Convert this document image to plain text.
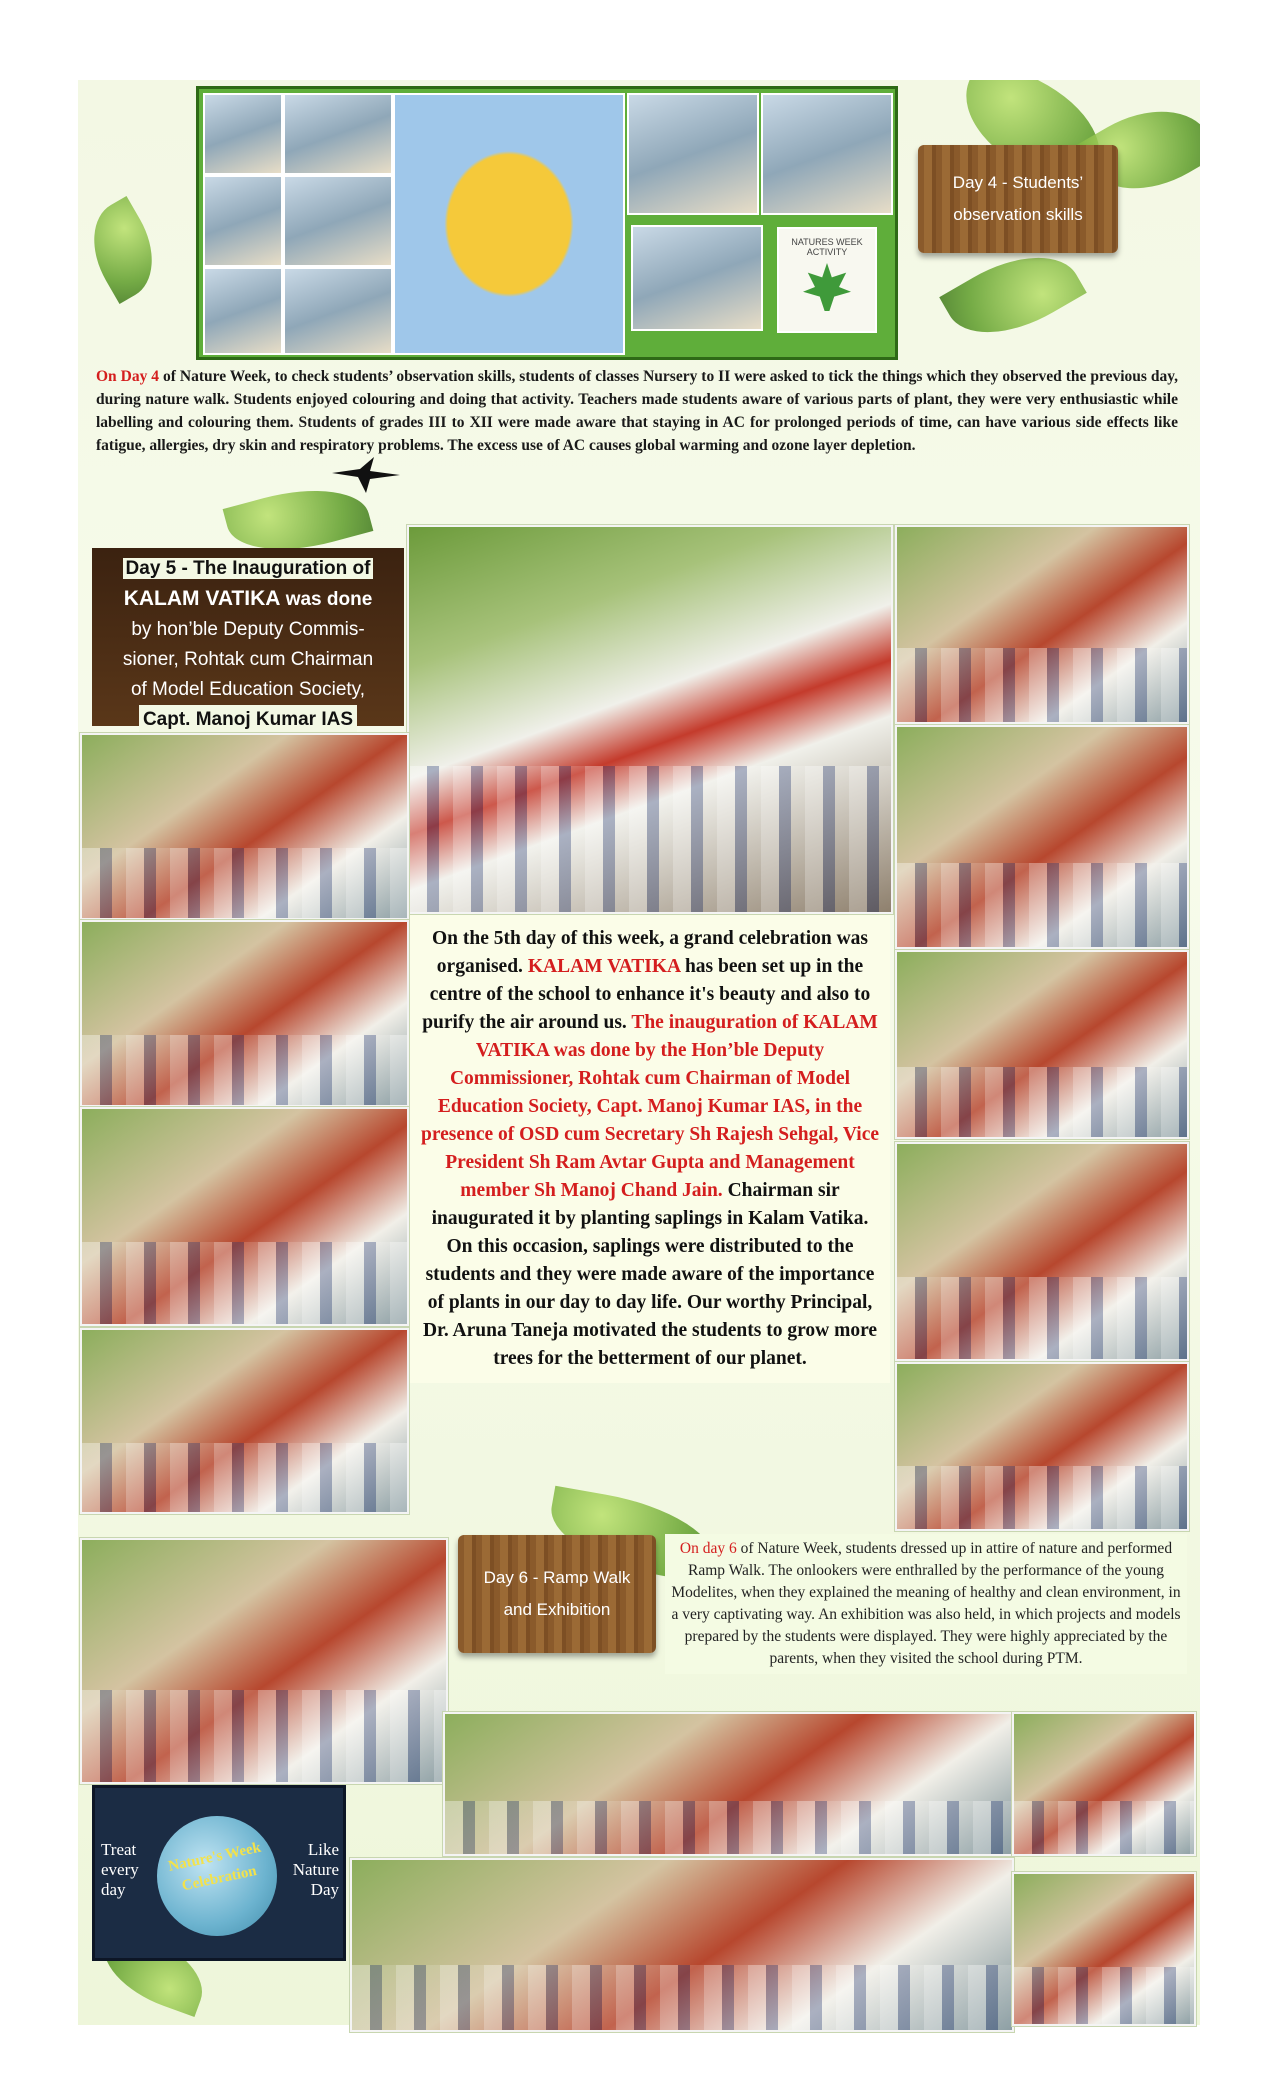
NATURES WEEK ACTIVITY
Day 4 - Students’
observation skills
On Day 4 of Nature Week, to check students’ observation skills, students of classes Nursery to II were asked to tick the things which they observed the previous day, during nature walk. Students enjoyed colouring and doing that activity. Teachers made students aware of various parts of plant, they were very enthusiastic while labelling and colouring them. Students of grades III to XII were made aware that staying in AC for prolonged periods of time, can have various side effects like fatigue, allergies, dry skin and respiratory problems. The excess use of AC causes global warming and ozone layer depletion.
Day 5 - The Inauguration of
KALAM VATIKA was done
by hon’ble Deputy Commis-
sioner, Rohtak cum Chairman
of Model Education Society,
Capt. Manoj Kumar IAS
On the 5th day of this week, a grand celebration was organised. KALAM VATIKA has been set up in the centre of the school to enhance it's beauty and also to purify the air around us. The inauguration of KALAM VATIKA was done by the Hon’ble Deputy Commissioner, Rohtak cum Chairman of Model Education Society, Capt. Manoj Kumar IAS, in the presence of OSD cum Secretary Sh Rajesh Sehgal, Vice President Sh Ram Avtar Gupta and Management member Sh Manoj Chand Jain. Chairman sir inaugurated it by planting saplings in Kalam Vatika. On this occasion, saplings were distributed to the students and they were made aware of the importance of plants in our day to day life. Our worthy Principal, Dr. Aruna Taneja motivated the students to grow more trees for the betterment of our planet.
Day 6 - Ramp Walk
and Exhibition
On day 6 of Nature Week, students dressed up in attire of nature and performed Ramp Walk. The onlookers were enthralled by the performance of the young Modelites, when they explained the meaning of healthy and clean environment, in a very captivating way. An exhibition was also held, in which projects and models prepared by the students were displayed. They were highly appreciated by the parents, when they visited the school during PTM.
Treat every day
Nature's Week Celebration
Like Nature Day
